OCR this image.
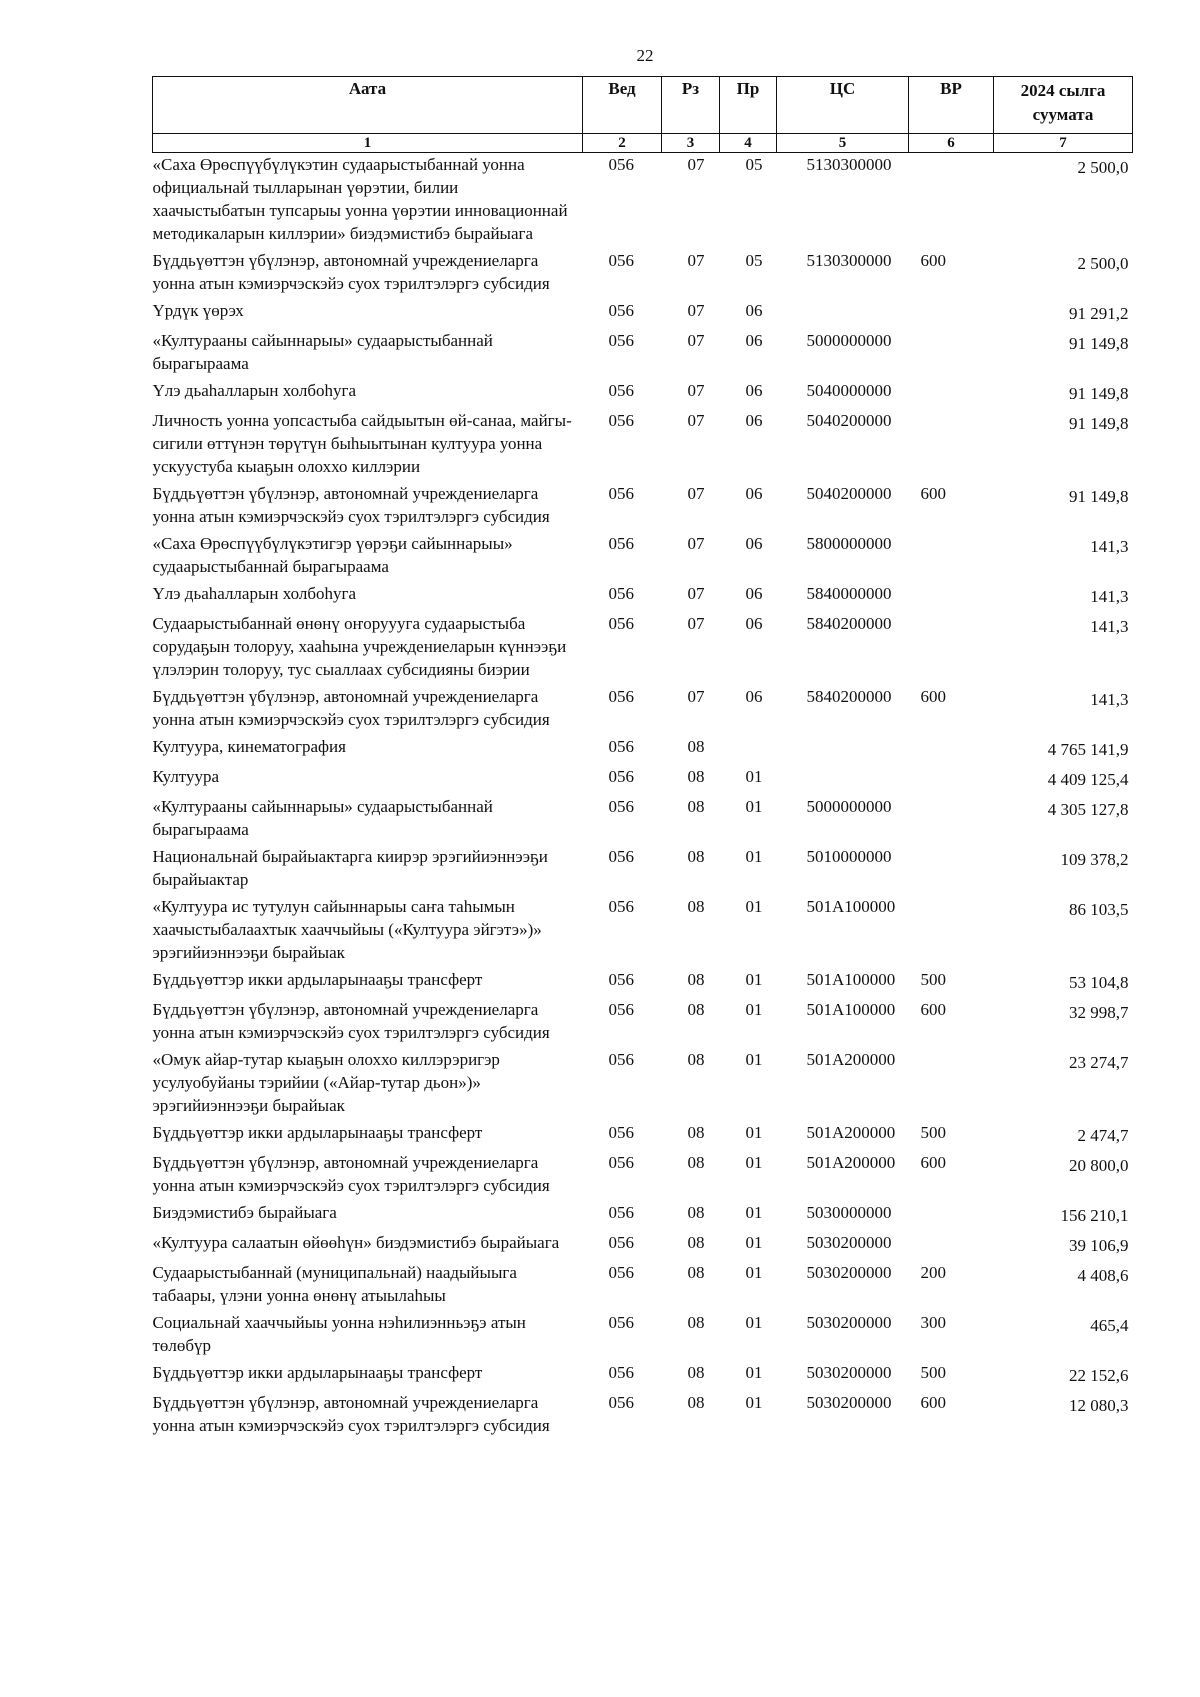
22
Аата	Вед	Рз	Пр	ЦС	ВР	2024 сылга суумата
1	2	3	4	5	6	7
«Саха Өрөспүүбүлүкэтин судаарыстыбаннай уонна официальнай тылларынан үөрэтии, билии хаачыстыбатын тупсарыы уонна үөрэтии инновационнай методикаларын киллэрии» биэдэмистибэ бырайыага	056	07	05	5130300000		2 500,0
Бүддьүөттэн үбүлэнэр, автономнай учреждениеларга уонна атын кэмиэрчэскэйэ суох тэрилтэлэргэ субсидия	056	07	05	5130300000	600	2 500,0
Үрдүк үөрэх	056	07	06			91 291,2
«Културааны сайыннарыы» судаарыстыбаннай бырагыраама	056	07	06	5000000000		91 149,8
Үлэ дьаһалларын холбоһуга	056	07	06	5040000000		91 149,8
Личность уонна уопсастыба сайдыытын өй-санаа, майгы-сигили өттүнэн төрүтүн быһыытынан култуура уонна ускуустуба кыаҕын олоххо киллэрии	056	07	06	5040200000		91 149,8
Бүддьүөттэн үбүлэнэр, автономнай учреждениеларга уонна атын кэмиэрчэскэйэ суох тэрилтэлэргэ субсидия	056	07	06	5040200000	600	91 149,8
«Саха Өрөспүүбүлүкэтигэр үөрэҕи сайыннарыы» судаарыстыбаннай бырагыраама	056	07	06	5800000000		141,3
Үлэ дьаһалларын холбоһуга	056	07	06	5840000000		141,3
Судаарыстыбаннай өнөнү оҥоруууга судаарыстыба сорудаҕын толоруу, хааһына учреждениеларын күннээҕи үлэлэрин толоруу, тус сыаллаах субсидияны биэрии	056	07	06	5840200000		141,3
Бүддьүөттэн үбүлэнэр, автономнай учреждениеларга уонна атын кэмиэрчэскэйэ суох тэрилтэлэргэ субсидия	056	07	06	5840200000	600	141,3
Култуура, кинематография	056	08				4 765 141,9
Култуура	056	08	01			4 409 125,4
«Културааны сайыннарыы» судаарыстыбаннай бырагыраама	056	08	01	5000000000		4 305 127,8
Национальнай бырайыактарга киирэр эрэгийиэннээҕи бырайыактар	056	08	01	5010000000		109 378,2
«Култуура ис тутулун сайыннарыы саҥа таһымын хаачыстыбалаахтык хааччыйыы («Култуура эйгэтэ»)» эрэгийиэннээҕи бырайыак	056	08	01	501А100000		86 103,5
Бүддьүөттэр икки ардыларынааҕы трансферт	056	08	01	501А100000	500	53 104,8
Бүддьүөттэн үбүлэнэр, автономнай учреждениеларга уонна атын кэмиэрчэскэйэ суох тэрилтэлэргэ субсидия	056	08	01	501А100000	600	32 998,7
«Омук айар-тутар кыаҕын олоххо киллэрэригэр усулуобуйаны тэрийии («Айар-тутар дьон»)» эрэгийиэннээҕи бырайыак	056	08	01	501А200000		23 274,7
Бүддьүөттэр икки ардыларынааҕы трансферт	056	08	01	501А200000	500	2 474,7
Бүддьүөттэн үбүлэнэр, автономнай учреждениеларга уонна атын кэмиэрчэскэйэ суох тэрилтэлэргэ субсидия	056	08	01	501А200000	600	20 800,0
Биэдэмистибэ бырайыага	056	08	01	5030000000		156 210,1
«Култуура салаатын өйөөһүн» биэдэмистибэ бырайыага	056	08	01	5030200000		39 106,9
Судаарыстыбаннай (муниципальнай) наадыйыыга табаары, үлэни уонна өнөнү атыылаһыы	056	08	01	5030200000	200	4 408,6
Социальнай хааччыйыы уонна нэһилиэнньэҕэ атын төлөбүр	056	08	01	5030200000	300	465,4
Бүддьүөттэр икки ардыларынааҕы трансферт	056	08	01	5030200000	500	22 152,6
Бүддьүөттэн үбүлэнэр, автономнай учреждениеларга уонна атын кэмиэрчэскэйэ суох тэрилтэлэргэ субсидия	056	08	01	5030200000	600	12 080,3
